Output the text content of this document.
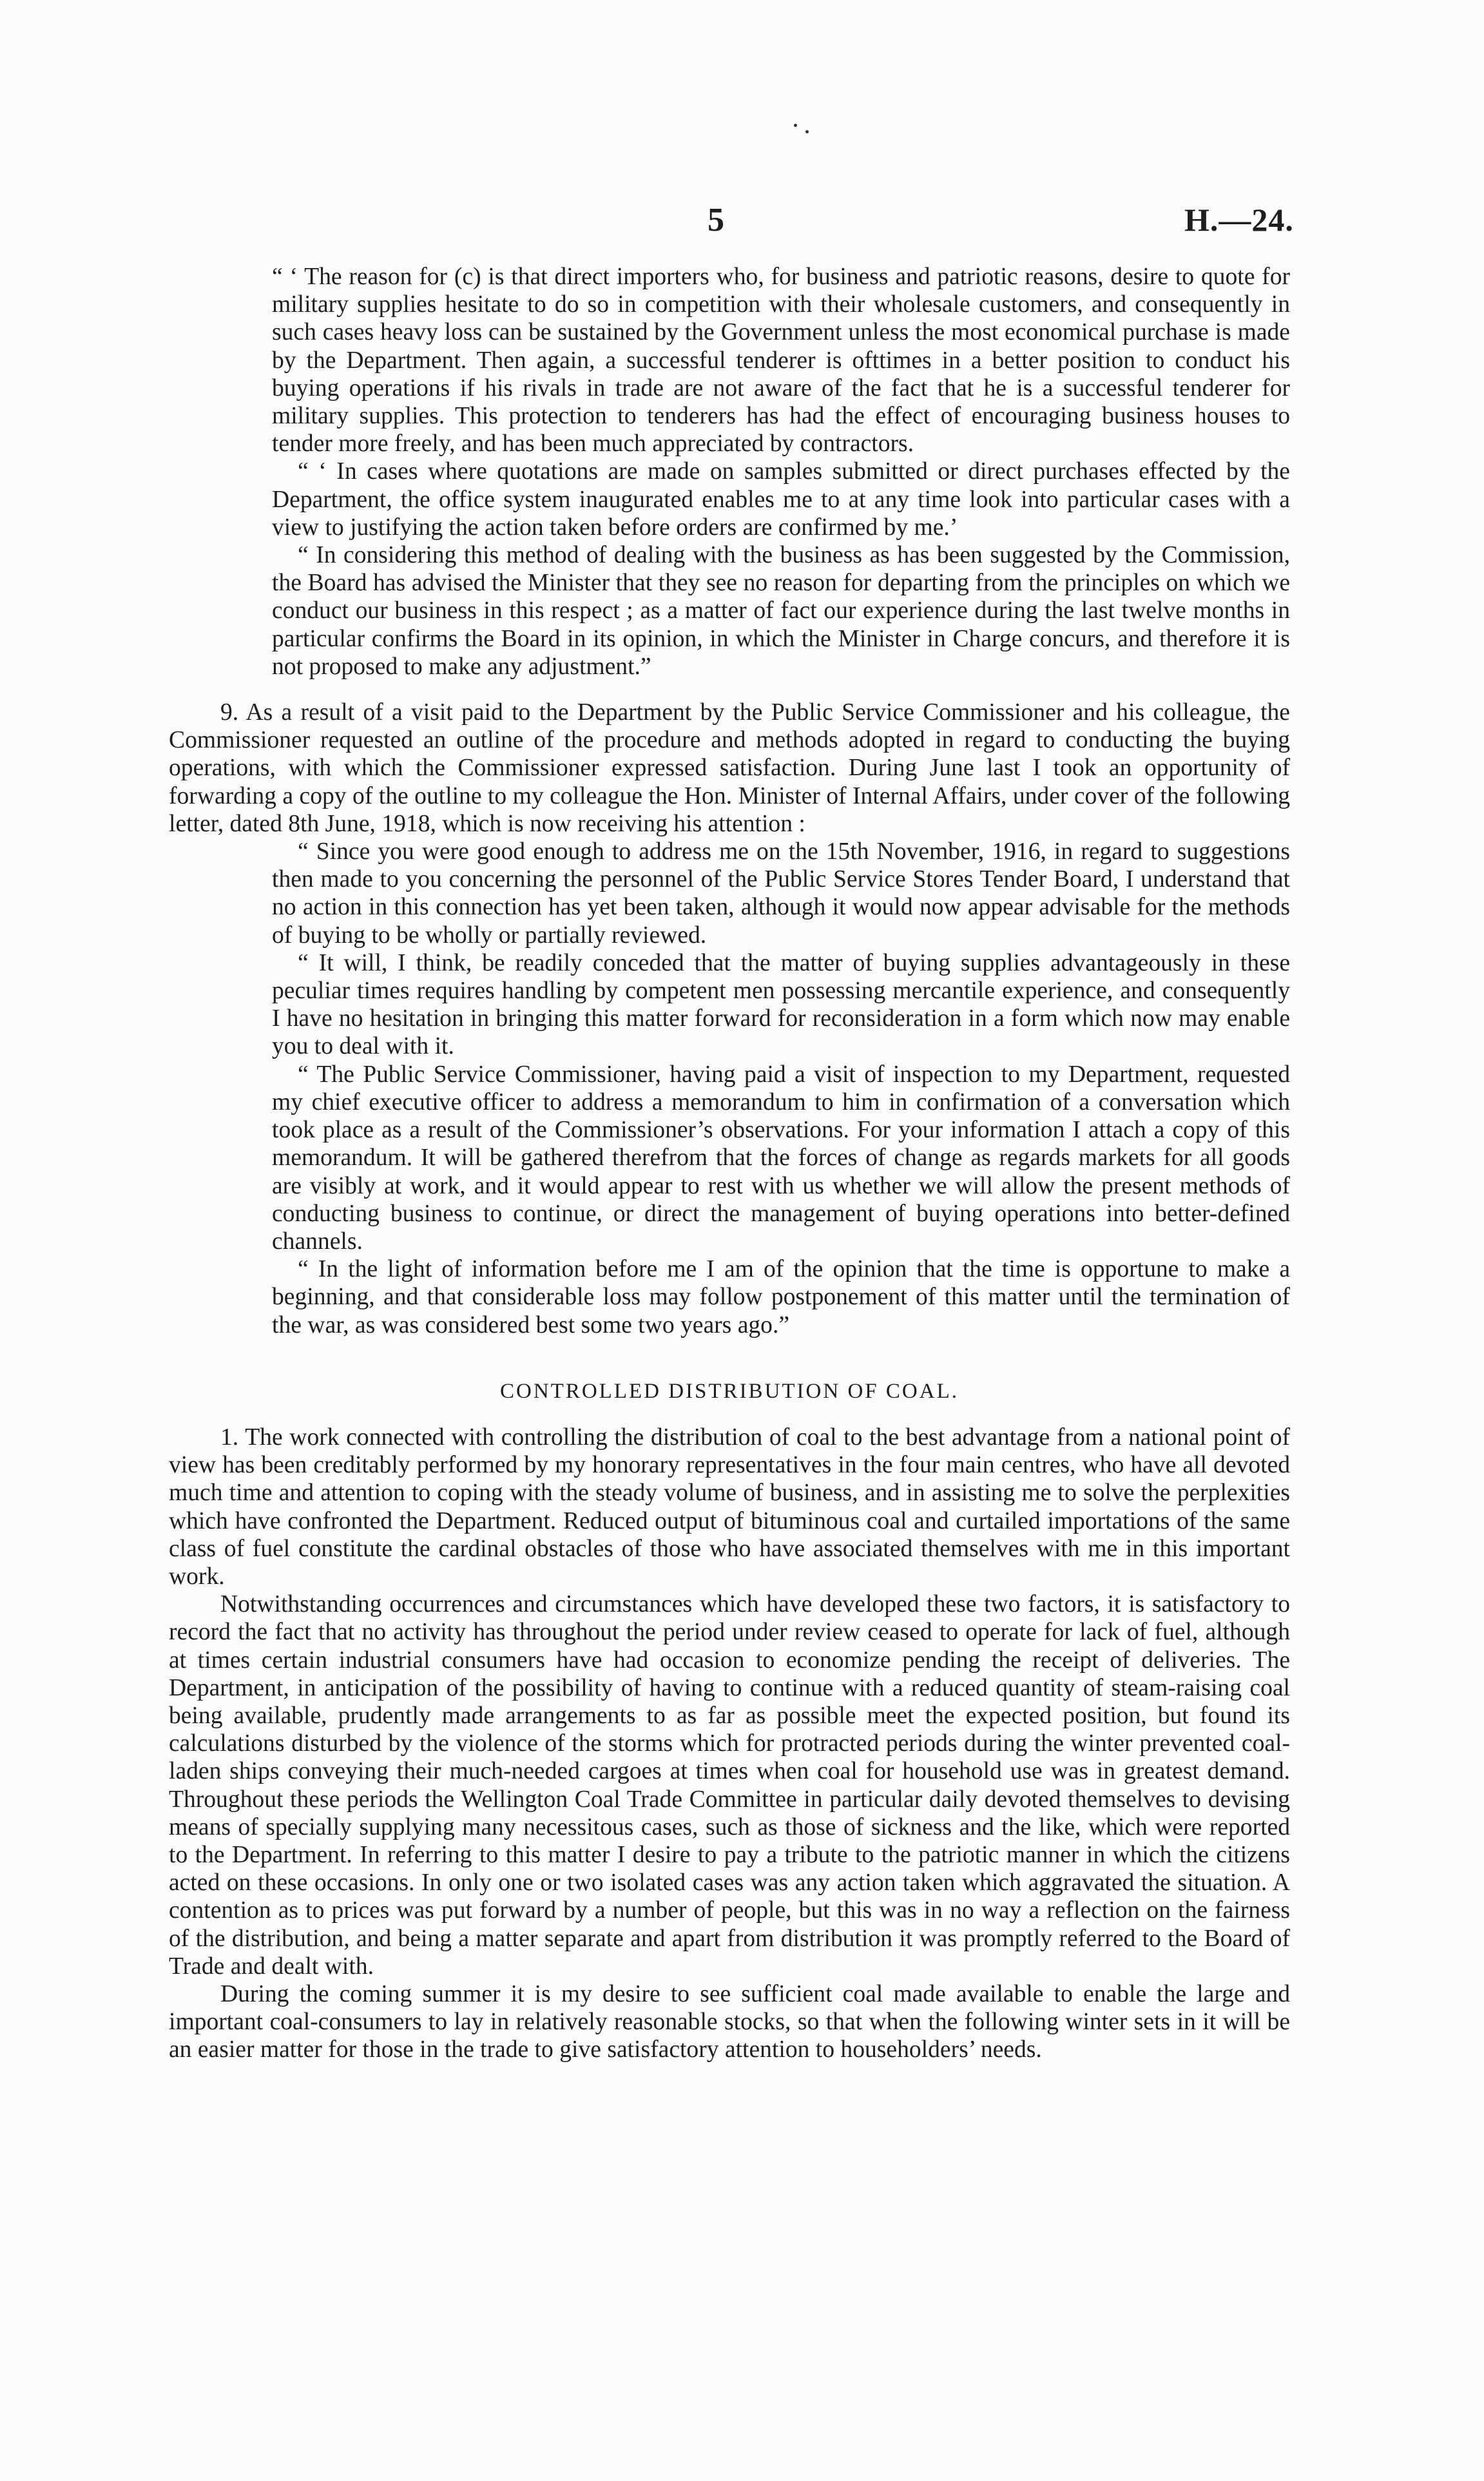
5	H.—24.

“ ‘ The reason for (c) is that direct importers who, for business and patriotic reasons, desire to quote for military supplies hesitate to do so in competition with their wholesale customers, and consequently in such cases heavy loss can be sustained by the Government unless the most economical purchase is made by the Department. Then again, a successful tenderer is ofttimes in a better position to conduct his buying operations if his rivals in trade are not aware of the fact that he is a successful tenderer for military supplies. This protection to tenderers has had the effect of encouraging business houses to tender more freely, and has been much appreciated by contractors.

“ ‘ In cases where quotations are made on samples submitted or direct purchases effected by the Department, the office system inaugurated enables me to at any time look into particular cases with a view to justifying the action taken before orders are confirmed by me.’

“ In considering this method of dealing with the business as has been suggested by the Commission, the Board has advised the Minister that they see no reason for departing from the principles on which we conduct our business in this respect ; as a matter of fact our experience during the last twelve months in particular confirms the Board in its opinion, in which the Minister in Charge concurs, and therefore it is not proposed to make any adjustment.”

9. As a result of a visit paid to the Department by the Public Service Commissioner and his colleague, the Commissioner requested an outline of the procedure and methods adopted in regard to conducting the buying operations, with which the Commissioner expressed satisfaction. During June last I took an opportunity of forwarding a copy of the outline to my colleague the Hon. Minister of Internal Affairs, under cover of the following letter, dated 8th June, 1918, which is now receiving his attention :

“ Since you were good enough to address me on the 15th November, 1916, in regard to suggestions then made to you concerning the personnel of the Public Service Stores Tender Board, I understand that no action in this connection has yet been taken, although it would now appear advisable for the methods of buying to be wholly or partially reviewed.

“ It will, I think, be readily conceded that the matter of buying supplies advantageously in these peculiar times requires handling by competent men possessing mercantile experience, and consequently I have no hesitation in bringing this matter forward for reconsideration in a form which now may enable you to deal with it.

“ The Public Service Commissioner, having paid a visit of inspection to my Department, requested my chief executive officer to address a memorandum to him in confirmation of a conversation which took place as a result of the Commissioner’s observations. For your information I attach a copy of this memorandum. It will be gathered therefrom that the forces of change as regards markets for all goods are visibly at work, and it would appear to rest with us whether we will allow the present methods of conducting business to continue, or direct the management of buying operations into better-defined channels.

“ In the light of information before me I am of the opinion that the time is opportune to make a beginning, and that considerable loss may follow postponement of this matter until the termination of the war, as was considered best some two years ago.”

CONTROLLED DISTRIBUTION OF COAL.

1. The work connected with controlling the distribution of coal to the best advantage from a national point of view has been creditably performed by my honorary representatives in the four main centres, who have all devoted much time and attention to coping with the steady volume of business, and in assisting me to solve the perplexities which have confronted the Department. Reduced output of bituminous coal and curtailed importations of the same class of fuel constitute the cardinal obstacles of those who have associated themselves with me in this important work.

Notwithstanding occurrences and circumstances which have developed these two factors, it is satisfactory to record the fact that no activity has throughout the period under review ceased to operate for lack of fuel, although at times certain industrial consumers have had occasion to economize pending the receipt of deliveries. The Department, in anticipation of the possibility of having to continue with a reduced quantity of steam-raising coal being available, prudently made arrangements to as far as possible meet the expected position, but found its calculations disturbed by the violence of the storms which for protracted periods during the winter prevented coal-laden ships conveying their much-needed cargoes at times when coal for household use was in greatest demand. Throughout these periods the Wellington Coal Trade Committee in particular daily devoted themselves to devising means of specially supplying many necessitous cases, such as those of sickness and the like, which were reported to the Department. In referring to this matter I desire to pay a tribute to the patriotic manner in which the citizens acted on these occasions. In only one or two isolated cases was any action taken which aggravated the situation. A contention as to prices was put forward by a number of people, but this was in no way a reflection on the fairness of the distribution, and being a matter separate and apart from distribution it was promptly referred to the Board of Trade and dealt with.

During the coming summer it is my desire to see sufficient coal made available to enable the large and important coal-consumers to lay in relatively reasonable stocks, so that when the following winter sets in it will be an easier matter for those in the trade to give satisfactory attention to householders’ needs.
